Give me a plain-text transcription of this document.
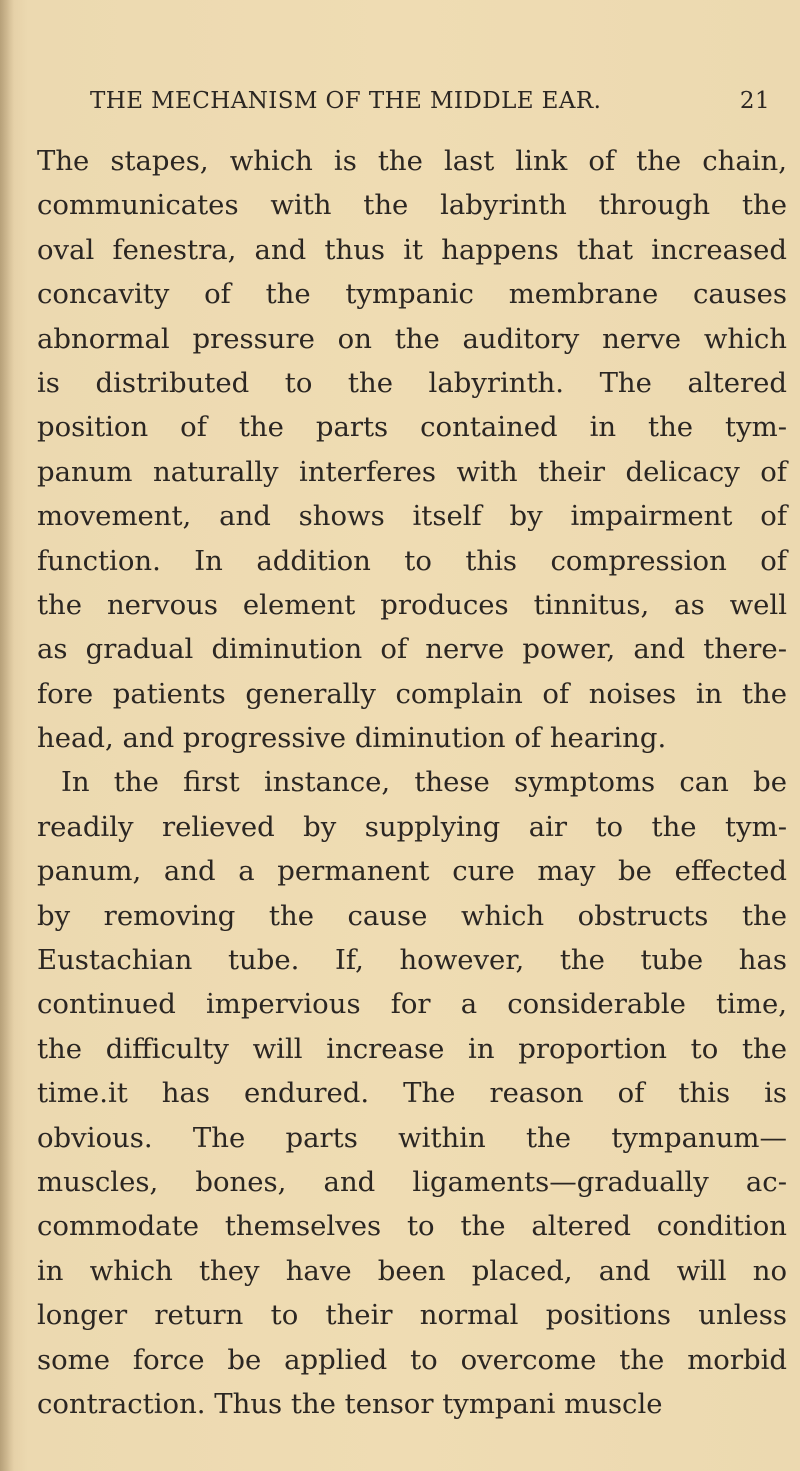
THE MECHANISM OF THE MIDDLE EAR.	21
The stapes, which is the last link of the chain,
communicates with the labyrinth through the
oval fenestra, and thus it happens that increased
concavity of the tympanic membrane causes
abnormal pressure on the auditory nerve which
is distributed to the labyrinth. The altered
position of the parts contained in the tym-
panum naturally interferes with their delicacy of
movement, and shows itself by impairment of
function. In addition to this compression of
the nervous element produces tinnitus, as well
as gradual diminution of nerve power, and there-
fore patients generally complain of noises in the
head, and progressive diminution of hearing.
In the first instance, these symptoms can be
readily relieved by supplying air to the tym-
panum, and a permanent cure may be effected
by removing the cause which obstructs the
Eustachian tube. If, however, the tube has
continued impervious for a considerable time,
the difficulty will increase in proportion to the
time.it has endured. The reason of this is
obvious. The parts within the tympanum—
muscles, bones, and ligaments—gradually ac-
commodate themselves to the altered condition
in which they have been placed, and will no
longer return to their normal positions unless
some force be applied to overcome the morbid
contraction. Thus the tensor tympani muscle
